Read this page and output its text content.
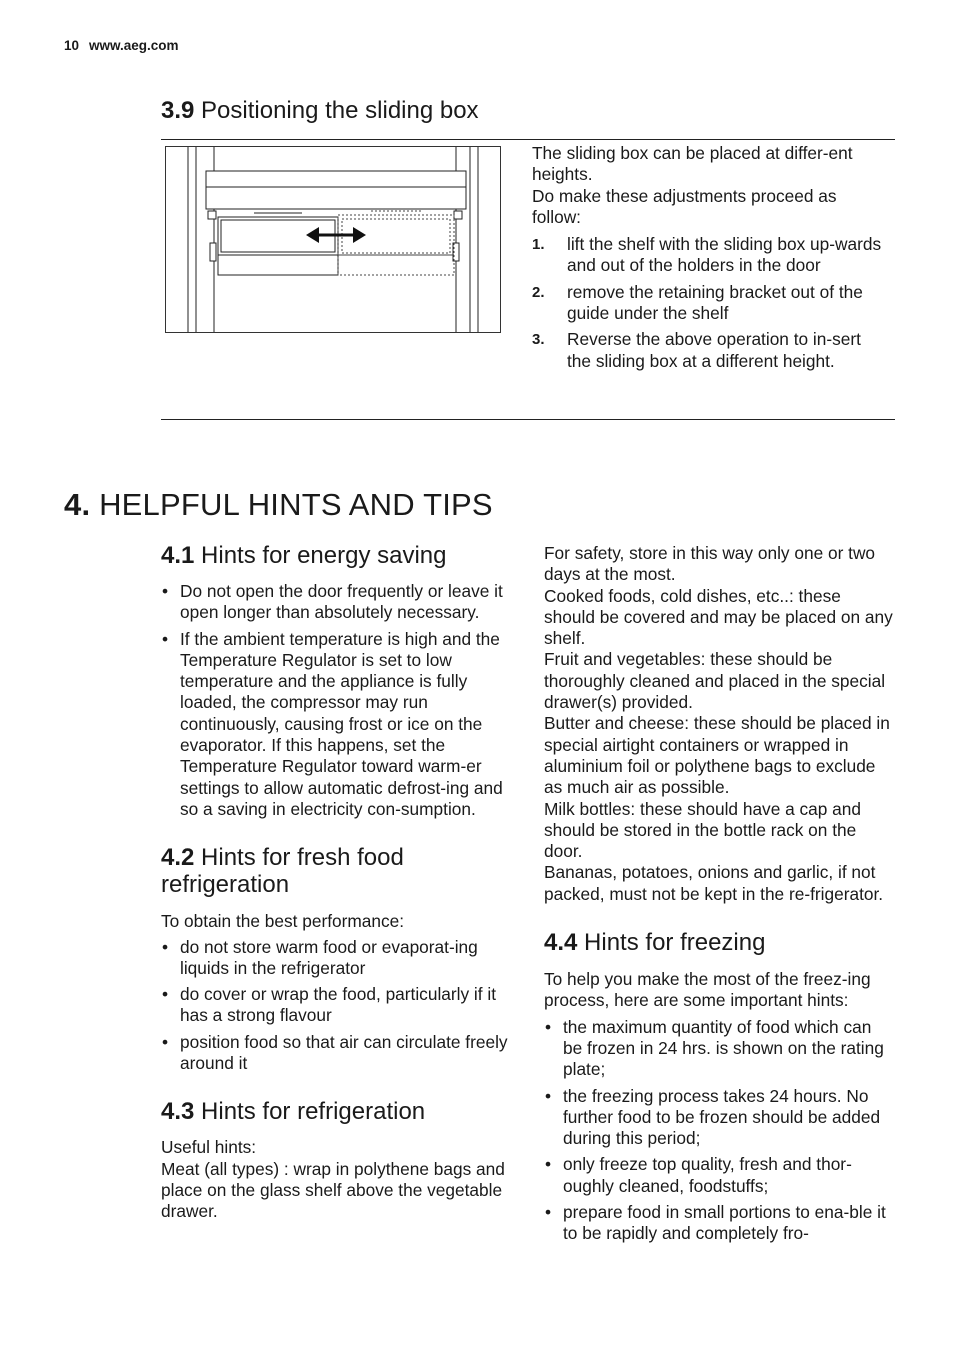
10 www.aeg.com
3.9 Positioning the sliding box

The sliding box can be placed at differ-ent heights.

Do make these adjustments proceed as follow:

1. lift the shelf with the sliding box up-wards and out of the holders in the door
2. remove the retaining bracket out of the guide under the shelf
3. Reverse the above operation to in-sert the sliding box at a different height.
4. HELPFUL HINTS AND TIPS
4.1 Hints for energy saving
• Do not open the door frequently or leave it open longer than absolutely necessary.
• If the ambient temperature is high and the Temperature Regulator is set to low temperature and the appliance is fully loaded, the compressor may run continuously, causing frost or ice on the evaporator. If this happens, set the Temperature Regulator toward warm-er settings to allow automatic defrost-ing and so a saving in electricity con-sumption.
4.2 Hints for fresh food refrigeration

To obtain the best performance:

• do not store warm food or evaporat-ing liquids in the refrigerator
• do cover or wrap the food, particularly if it has a strong flavour
• position food so that air can circulate freely around it
4.3 Hints for refrigeration

Useful hints:
Meat (all types) : wrap in polythene bags and place on the glass shelf above the vegetable drawer.

For safety, store in this way only one or two days at the most.
Cooked foods, cold dishes, etc..: these should be covered and may be placed on any shelf.
Fruit and vegetables: these should be thoroughly cleaned and placed in the special drawer(s) provided.
Butter and cheese: these should be placed in special airtight containers or wrapped in aluminium foil or polythene bags to exclude as much air as possible.
Milk bottles: these should have a cap and should be stored in the bottle rack on the door.
Bananas, potatoes, onions and garlic, if not packed, must not be kept in the re-frigerator.

4.4 Hints for freezing

To help you make the most of the freez-ing process, here are some important hints:

• the maximum quantity of food which can be frozen in 24 hrs. is shown on the rating plate;
• the freezing process takes 24 hours. No further food to be frozen should be added during this period;
• only freeze top quality, fresh and thor-oughly cleaned, foodstuffs;
• prepare food in small portions to ena-ble it to be rapidly and completely fro-
